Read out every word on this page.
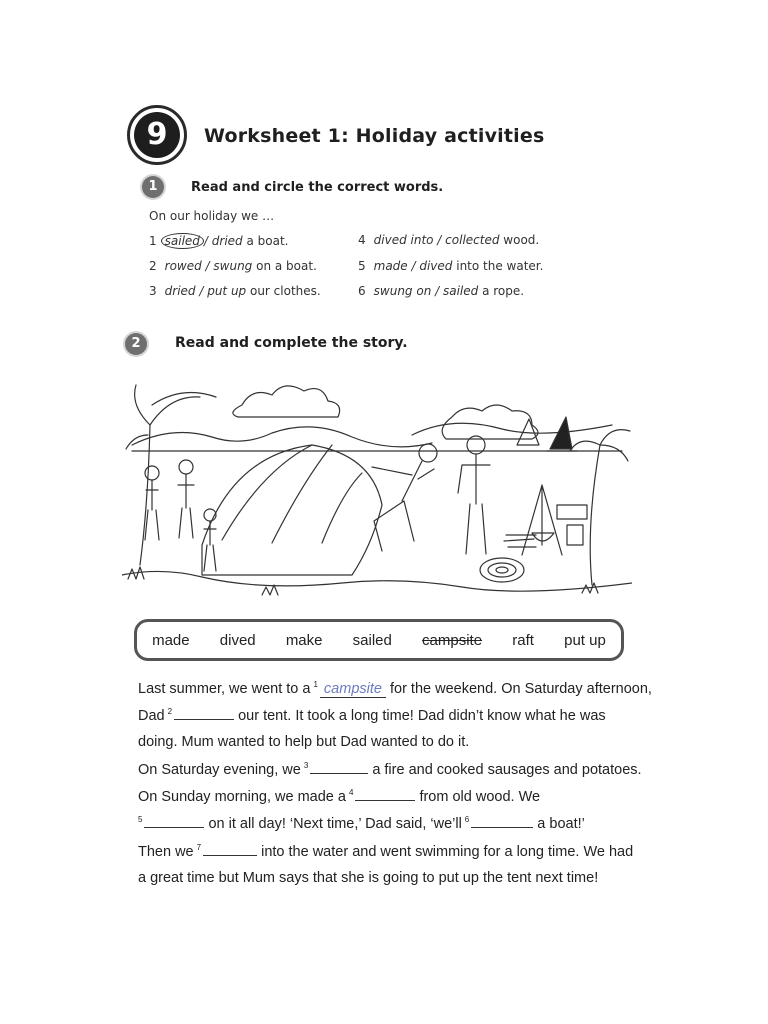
9	Worksheet 1: Holiday activities
1	Read and circle the correct words.
On our holiday we …
1 sailed / dried a boat.
2 rowed / swung on a boat.
3 dried / put up our clothes.
4 dived into / collected wood.
5 made / dived into the water.
6 swung on / sailed a rope.
2	Read and complete the story.
made dived make sailed campsite raft put up
Last summer, we went to a $^1$ campsite for the weekend. On Saturday afternoon,
Dad $^2$	our tent. It took a long time! Dad didn’t know what he was
doing. Mum wanted to help but Dad wanted to do it.
On Saturday evening, we $^3$	a fire and cooked sausages and potatoes.
On Sunday morning, we made a $^4$	from old wood. We
$^5$	on it all day! ‘Next time,’ Dad said, ‘we’ll $^6$	a boat!’
Then we $^7$	into the water and went swimming for a long time. We had
a great time but Mum says that she is going to put up the tent next time!
